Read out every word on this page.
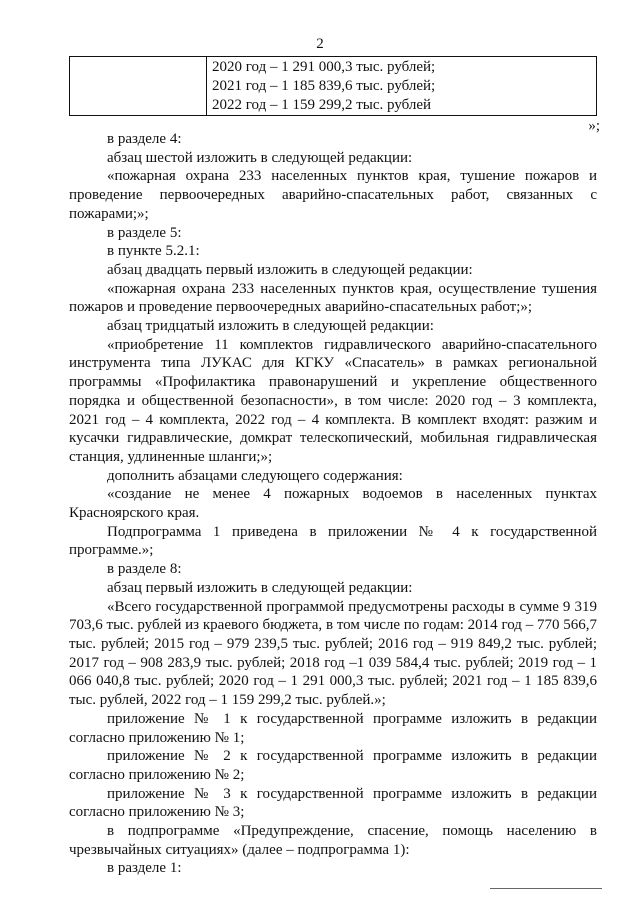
2
2020 год – 1 291 000,3 тыс. рублей;
2021 год – 1 185 839,6 тыс. рублей;
2022 год – 1 159 299,2 тыс. рублей
»;

в разделе 4:

абзац шестой изложить в следующей редакции:

«пожарная охрана 233 населенных пунктов края, тушение пожаров и проведение первоочередных аварийно-спасательных работ, связанных с пожарами;»;

в разделе 5:

в пункте 5.2.1:

абзац двадцать первый изложить в следующей редакции:

«пожарная охрана 233 населенных пунктов края, осуществление тушения пожаров и проведение первоочередных аварийно-спасательных работ;»;

абзац тридцатый изложить в следующей редакции:

«приобретение 11 комплектов гидравлического аварийно-спасательного инструмента типа ЛУКАС для КГКУ «Спасатель» в рамках региональной программы «Профилактика правонарушений и укрепление общественного порядка и общественной безопасности», в том числе: 2020 год – 3 комплекта, 2021 год – 4 комплекта, 2022 год – 4 комплекта. В комплект входят: разжим и кусачки гидравлические, домкрат телескопический, мобильная гидравлическая станция, удлиненные шланги;»;

дополнить абзацами следующего содержания:

«создание не менее 4 пожарных водоемов в населенных пунктах Красноярского края.

Подпрограмма 1 приведена в приложении № 4 к государственной программе.»;

в разделе 8:

абзац первый изложить в следующей редакции:

«Всего государственной программой предусмотрены расходы в сумме 9 319 703,6 тыс. рублей из краевого бюджета, в том числе по годам: 2014 год – 770 566,7 тыс. рублей; 2015 год – 979 239,5 тыс. рублей; 2016 год – 919 849,2 тыс. рублей; 2017 год – 908 283,9 тыс. рублей; 2018 год –1 039 584,4 тыс. рублей; 2019 год – 1 066 040,8 тыс. рублей; 2020 год – 1 291 000,3 тыс. рублей; 2021 год – 1 185 839,6 тыс. рублей, 2022 год – 1 159 299,2 тыс. рублей.»;

приложение № 1 к государственной программе изложить в редакции согласно приложению № 1;

приложение № 2 к государственной программе изложить в редакции согласно приложению № 2;

приложение № 3 к государственной программе изложить в редакции согласно приложению № 3;

в подпрограмме «Предупреждение, спасение, помощь населению в чрезвычайных ситуациях» (далее – подпрограмма 1):

в разделе 1:
